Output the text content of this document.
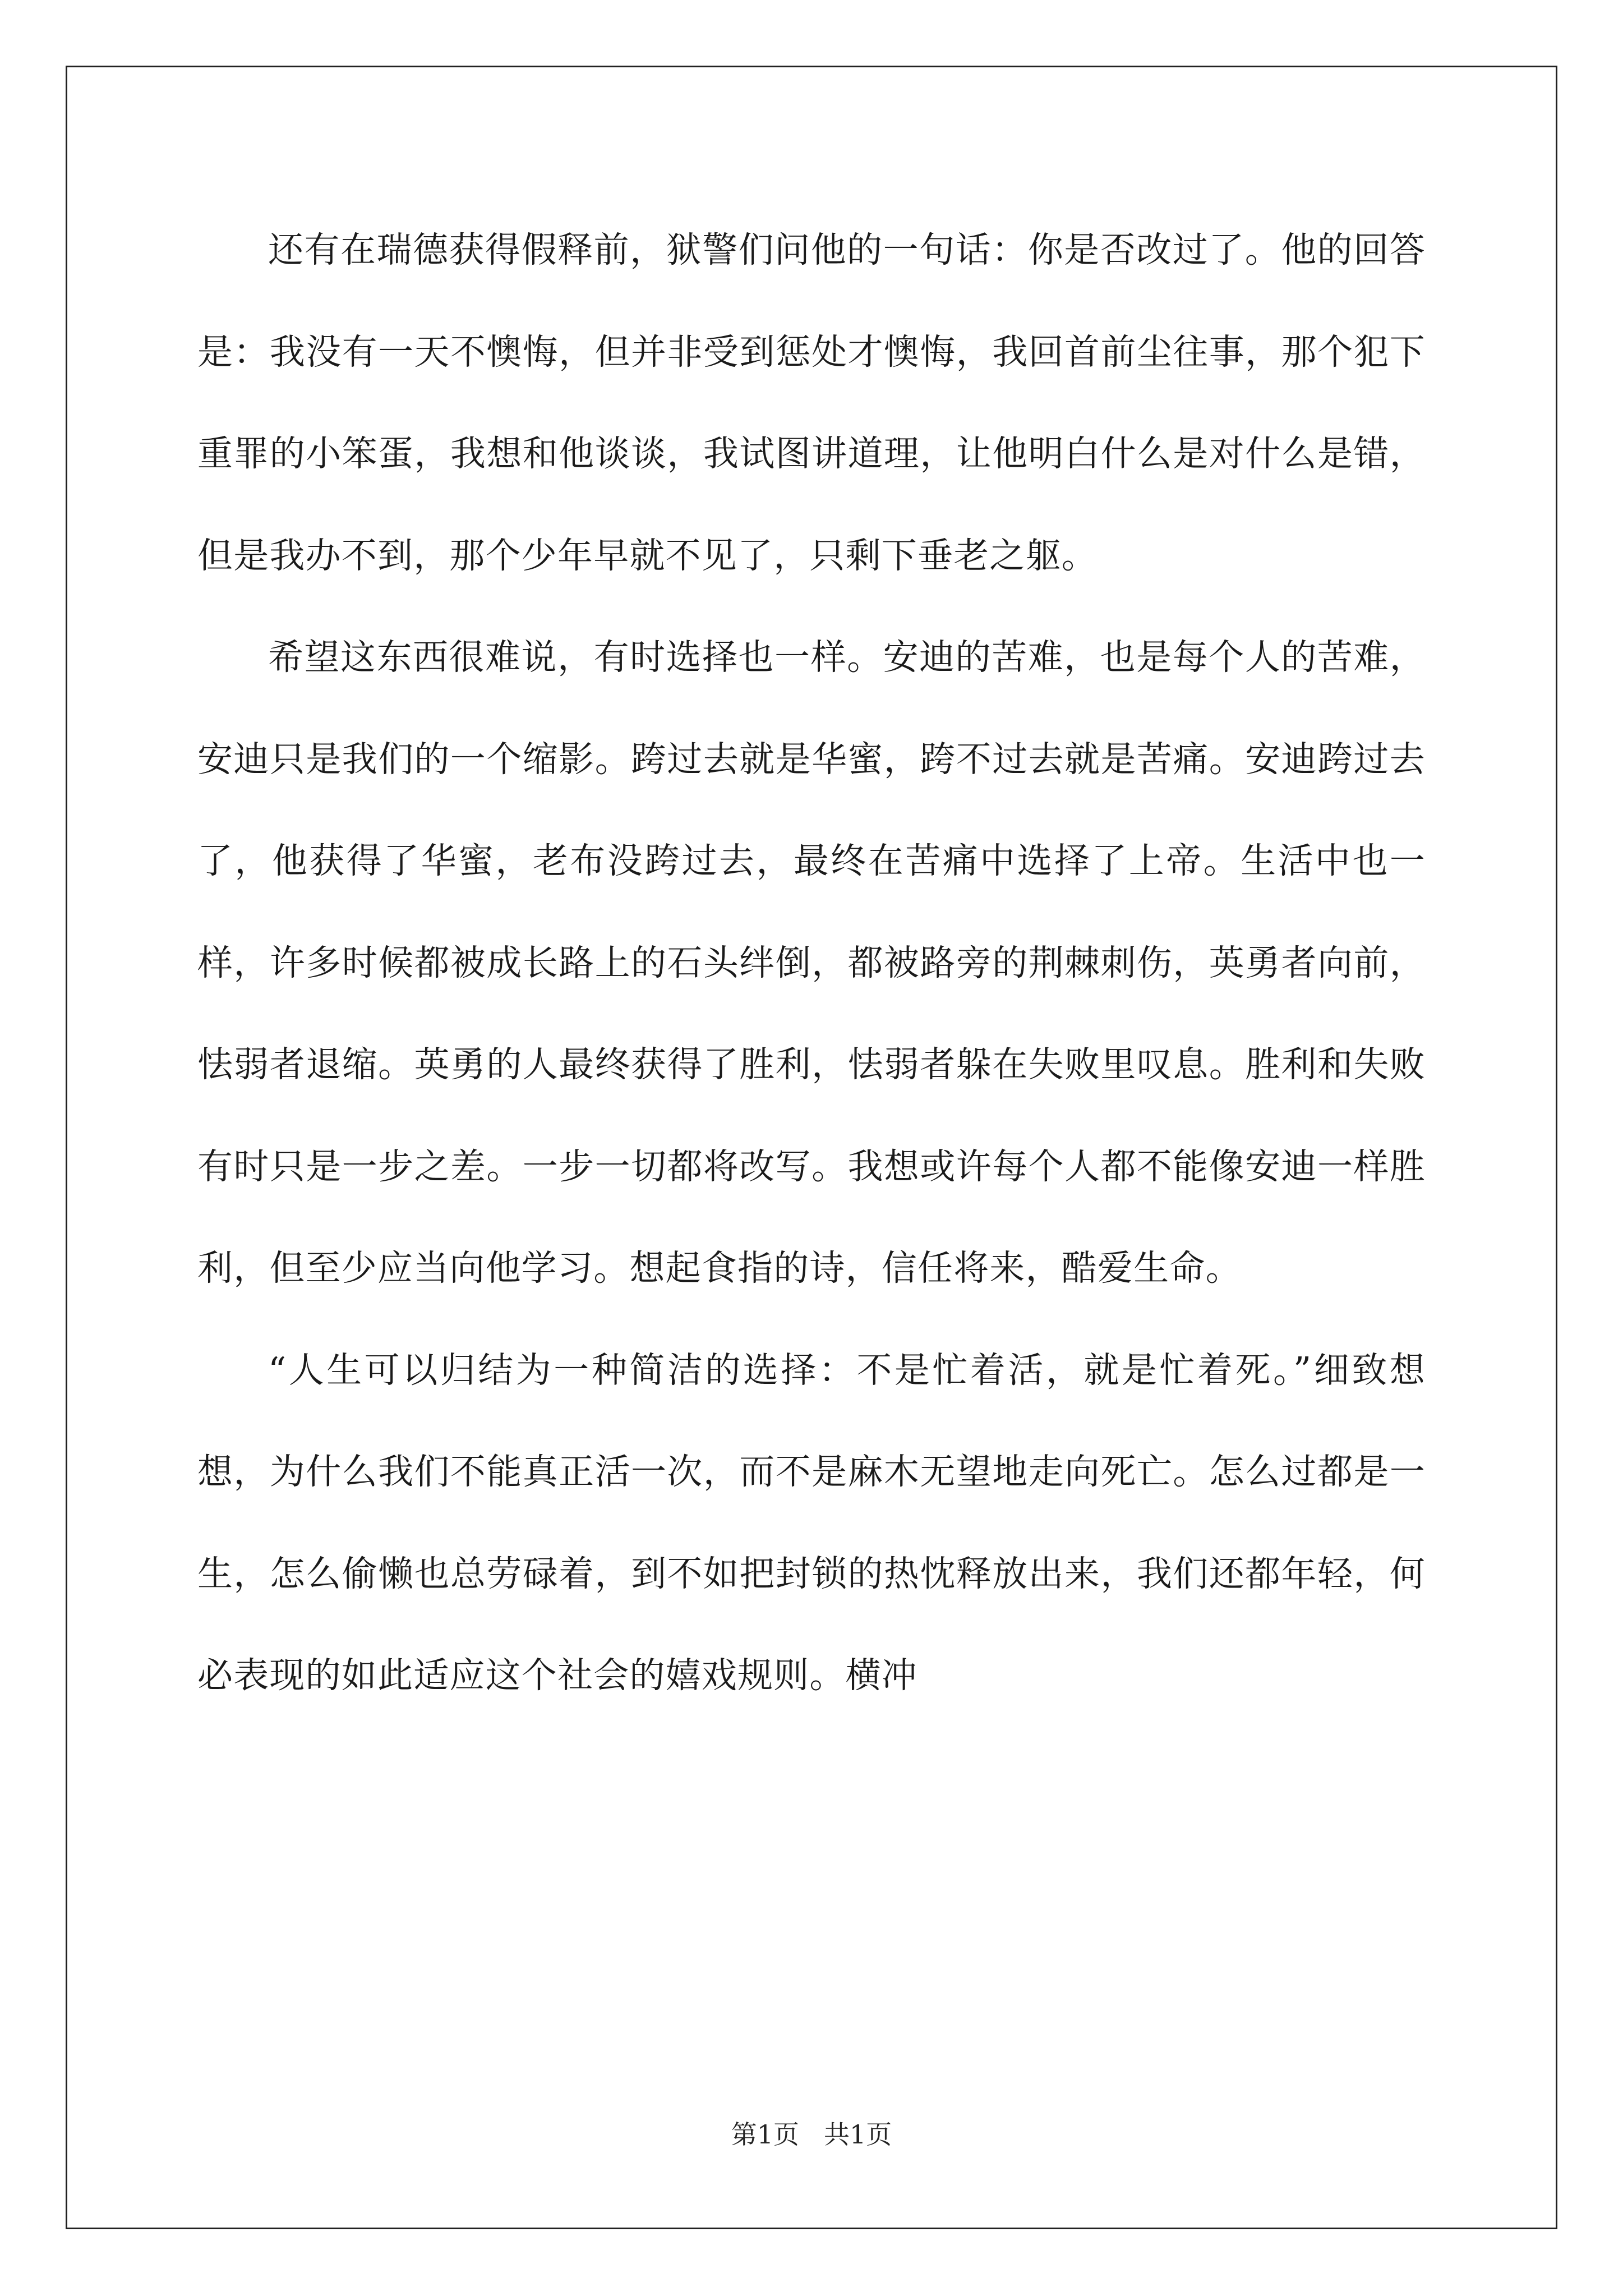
还有在瑞德获得假释前，狱警们问他的一句话：你是否改过了。他的回答是：我没有一天不懊悔，但并非受到惩处才懊悔，我回首前尘往事，那个犯下重罪的小笨蛋，我想和他谈谈，我试图讲道理，让他明白什么是对什么是错，但是我办不到，那个少年早就不见了，只剩下垂老之躯。

希望这东西很难说，有时选择也一样。安迪的苦难，也是每个人的苦难，安迪只是我们的一个缩影。跨过去就是华蜜，跨不过去就是苦痛。安迪跨过去了，他获得了华蜜，老布没跨过去，最终在苦痛中选择了上帝。生活中也一样，许多时候都被成长路上的石头绊倒，都被路旁的荆棘刺伤，英勇者向前，怯弱者退缩。英勇的人最终获得了胜利，怯弱者躲在失败里叹息。胜利和失败有时只是一步之差。一步一切都将改写。我想或许每个人都不能像安迪一样胜利，但至少应当向他学习。想起食指的诗，信任将来，酷爱生命。

“人生可以归结为一种简洁的选择：不是忙着活，就是忙着死。”细致想想，为什么我们不能真正活一次，而不是麻木无望地走向死亡。怎么过都是一生，怎么偷懒也总劳碌着，到不如把封锁的热忱释放出来，我们还都年轻，何必表现的如此适应这个社会的嬉戏规则。横冲

第1页 共1页
